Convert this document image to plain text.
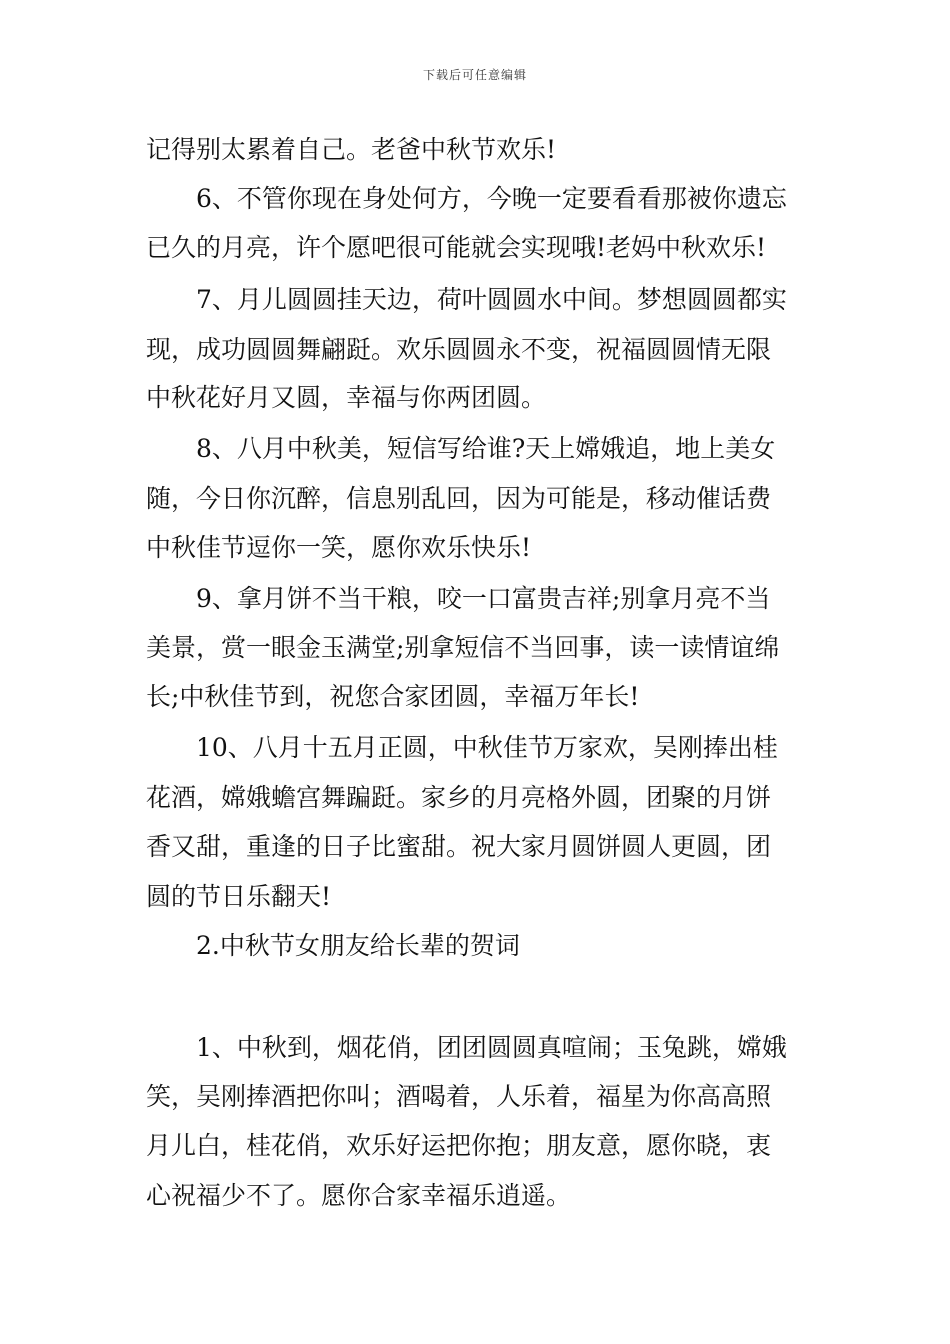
下载后可任意编辑
记得别太累着自己。老爸中秋节欢乐!
6、不管你现在身处何方，今晚一定要看看那被你遗忘
已久的月亮，许个愿吧很可能就会实现哦!老妈中秋欢乐!
7、月儿圆圆挂天边，荷叶圆圆水中间。梦想圆圆都实
现，成功圆圆舞翩跹。欢乐圆圆永不变，祝福圆圆情无限
中秋花好月又圆，幸福与你两团圆。
8、八月中秋美，短信写给谁?天上嫦娥追，地上美女
随，今日你沉醉，信息别乱回，因为可能是，移动催话费
中秋佳节逗你一笑，愿你欢乐快乐!
9、拿月饼不当干粮，咬一口富贵吉祥;别拿月亮不当
美景，赏一眼金玉满堂;别拿短信不当回事，读一读情谊绵
长;中秋佳节到，祝您合家团圆，幸福万年长!
10、八月十五月正圆，中秋佳节万家欢，吴刚捧出桂
花酒，嫦娥蟾宫舞蹁跹。家乡的月亮格外圆，团聚的月饼
香又甜，重逢的日子比蜜甜。祝大家月圆饼圆人更圆，团
圆的节日乐翻天!
2.中秋节女朋友给长辈的贺词
1、中秋到，烟花俏，团团圆圆真喧闹；玉兔跳，嫦娥
笑，吴刚捧酒把你叫；酒喝着，人乐着，福星为你高高照
月儿白，桂花俏，欢乐好运把你抱；朋友意，愿你晓，衷
心祝福少不了。愿你合家幸福乐逍遥。
